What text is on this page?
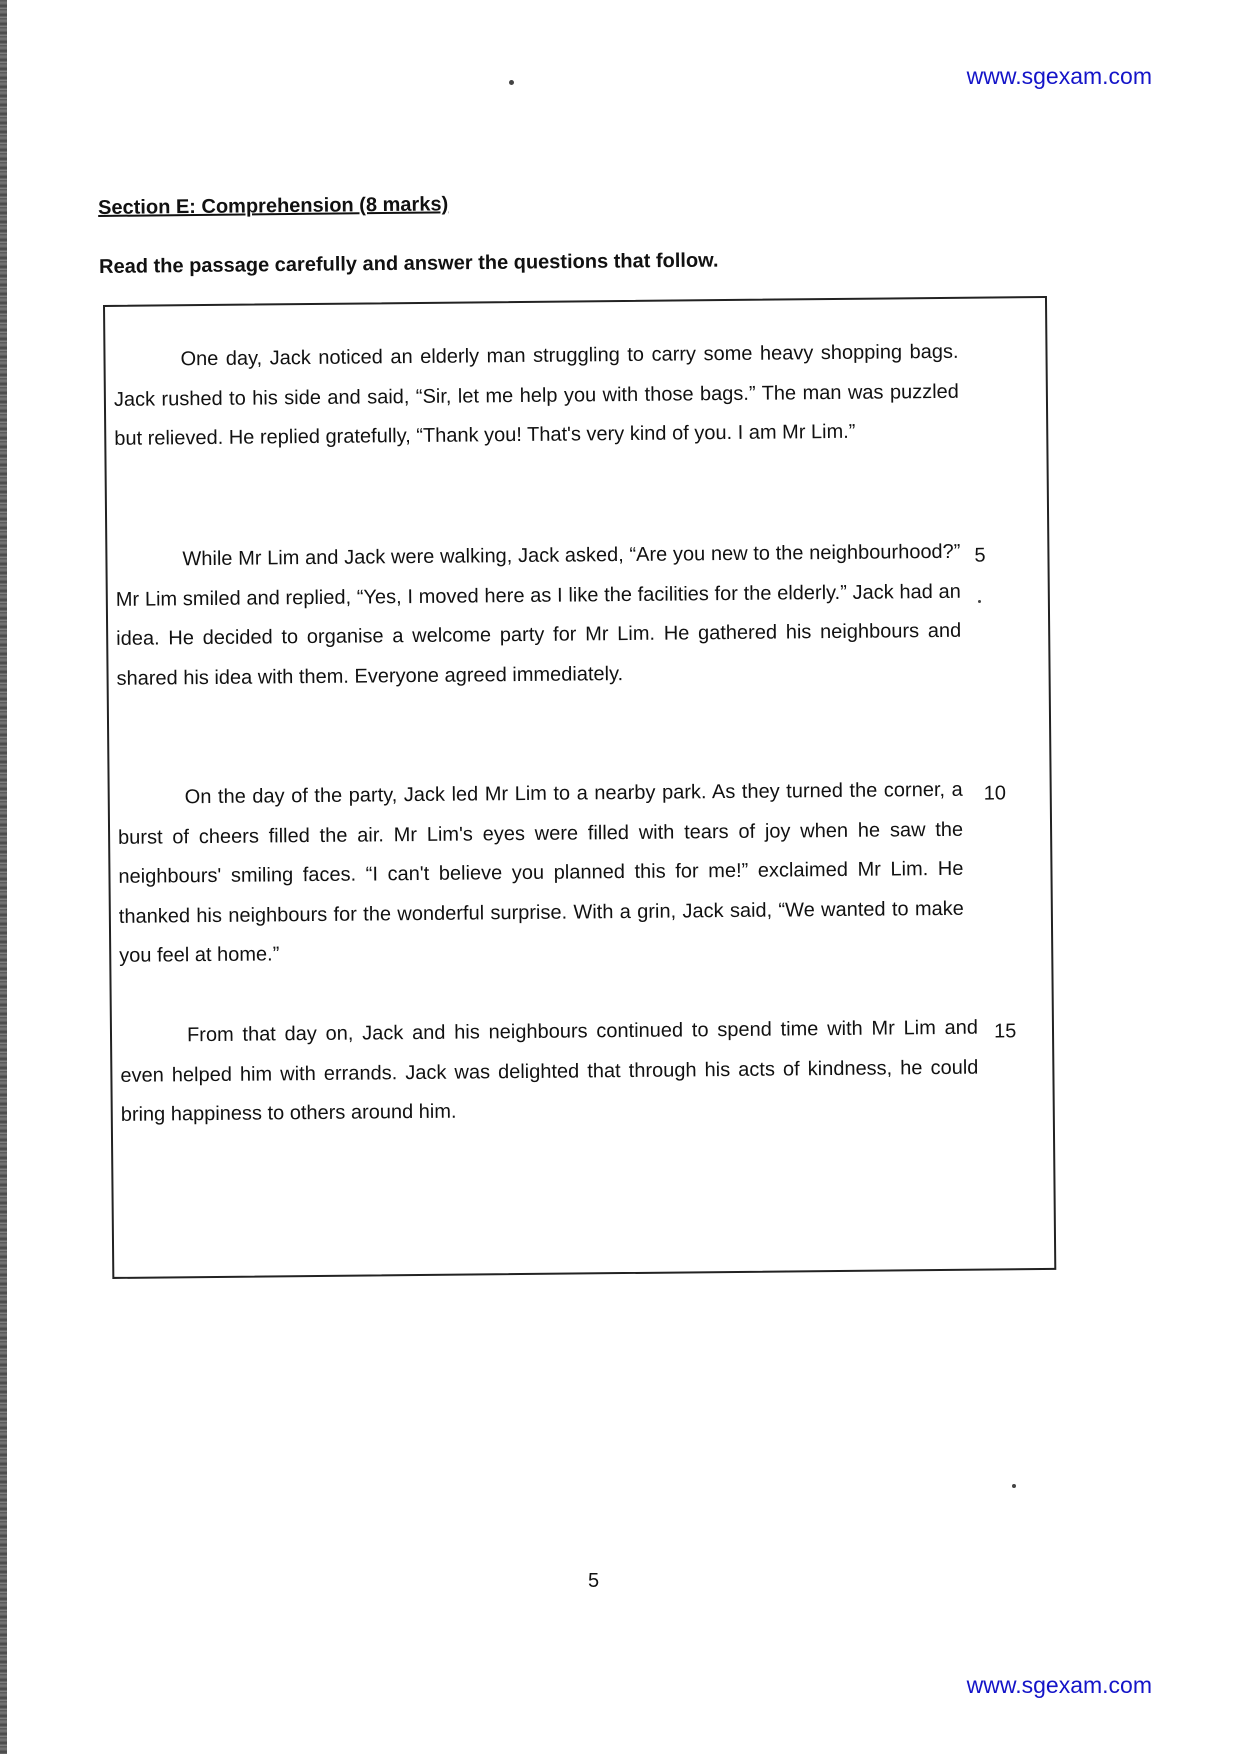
www.sgexam.com
Section E: Comprehension (8 marks)
Read the passage carefully and answer the questions that follow.

One day, Jack noticed an elderly man struggling to carry some heavy shopping bags. Jack rushed to his side and said, “Sir, let me help you with those bags.” The man was puzzled but relieved. He replied gratefully, “Thank you! That's very kind of you. I am Mr Lim.”

While Mr Lim and Jack were walking, Jack asked, “Are you new to the neighbourhood?” Mr Lim smiled and replied, “Yes, I moved here as I like the facilities for the elderly.” Jack had an idea. He decided to organise a welcome party for Mr Lim. He gathered his neighbours and shared his idea with them. Everyone agreed immediately.

On the day of the party, Jack led Mr Lim to a nearby park. As they turned the corner, a burst of cheers filled the air. Mr Lim's eyes were filled with tears of joy when he saw the neighbours' smiling faces. “I can't believe you planned this for me!” exclaimed Mr Lim. He thanked his neighbours for the wonderful surprise. With a grin, Jack said, “We wanted to make you feel at home.”

From that day on, Jack and his neighbours continued to spend time with Mr Lim and even helped him with errands. Jack was delighted that through his acts of kindness, he could bring happiness to others around him.

5
10
15
5
www.sgexam.com
